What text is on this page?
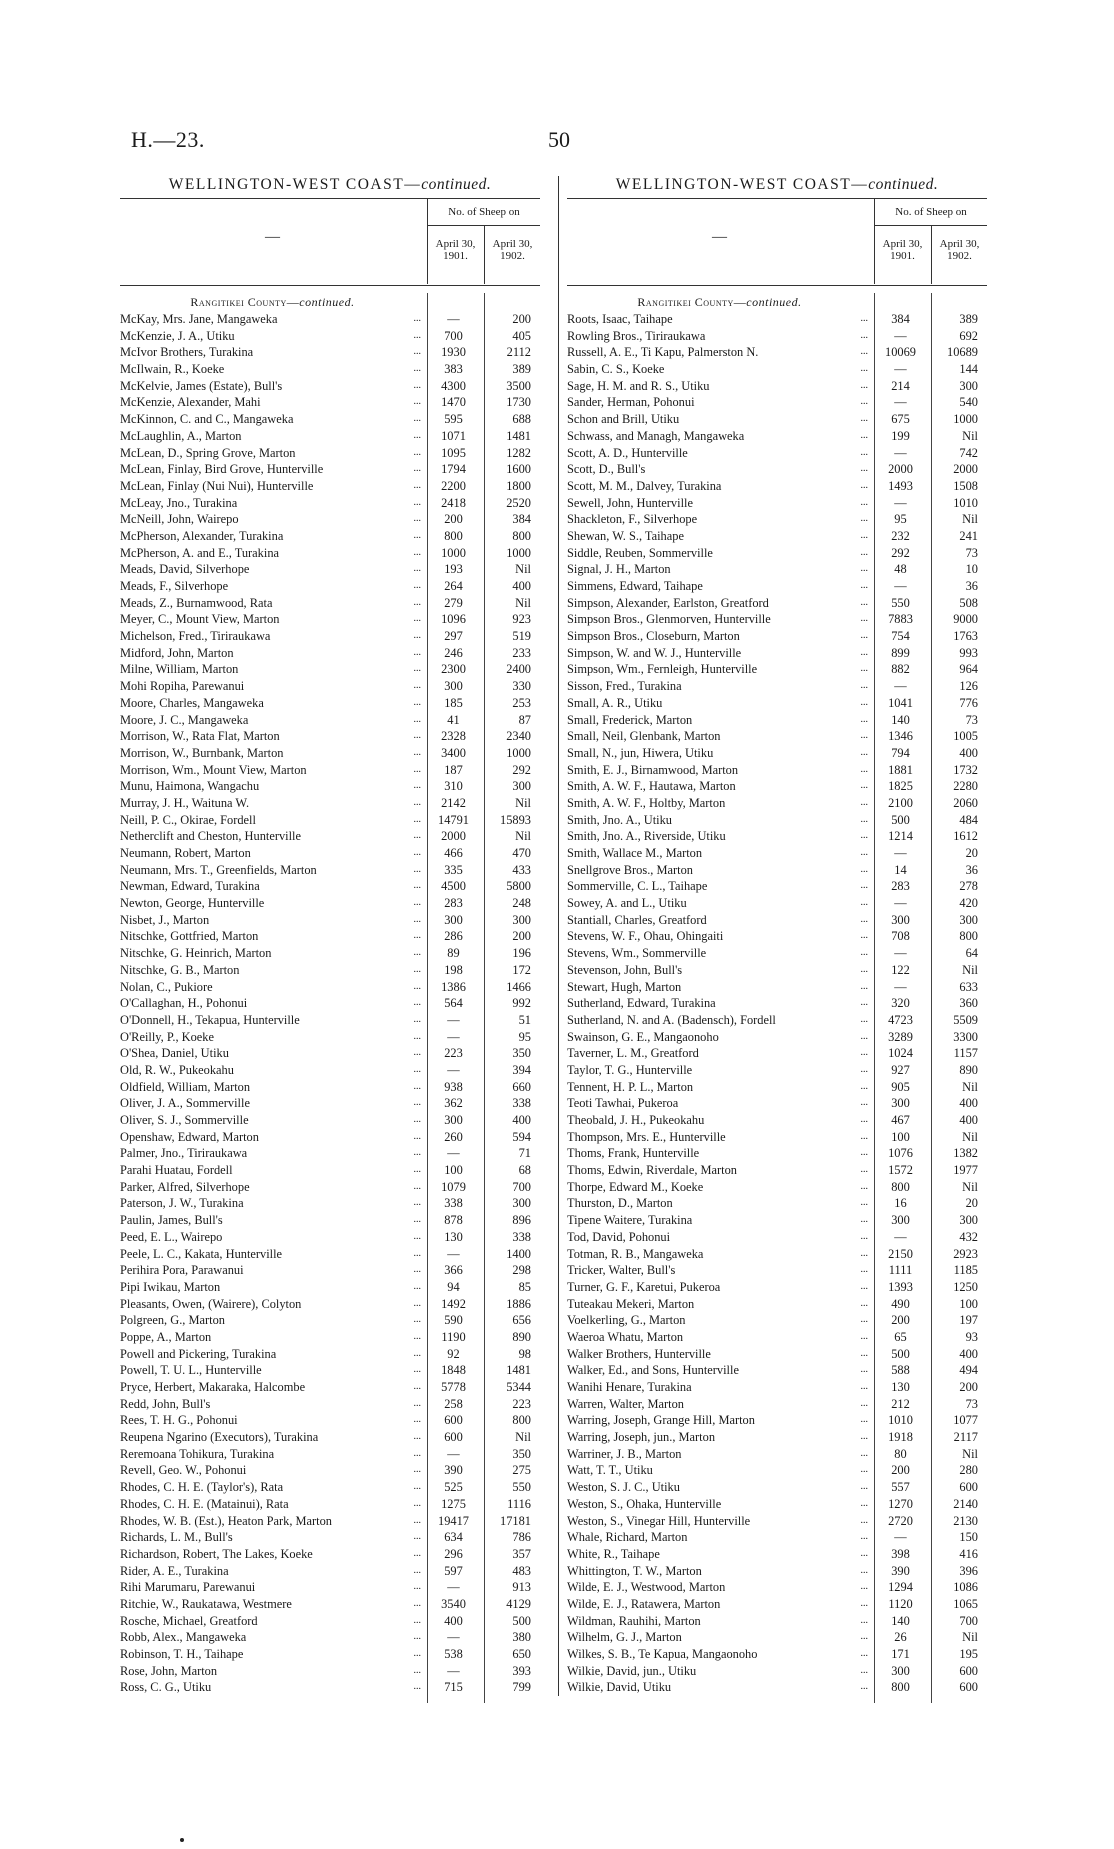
H.—23.	50
WELLINGTON-WEST COAST—continued.
—
No. of Sheep on
April 30,
1901.
April 30,
1902.
Rangitikei County—continued.
McKay, Mrs. Jane, Mangaweka	...	—	200
McKenzie, J. A., Utiku	...	700	405
McIvor Brothers, Turakina	...	1930	2112
McIlwain, R., Koeke	...	383	389
McKelvie, James (Estate), Bull's	...	4300	3500
McKenzie, Alexander, Mahi	...	1470	1730
McKinnon, C. and C., Mangaweka	...	595	688
McLaughlin, A., Marton	...	1071	1481
McLean, D., Spring Grove, Marton	...	1095	1282
McLean, Finlay, Bird Grove, Hunterville	...	1794	1600
McLean, Finlay (Nui Nui), Hunterville	...	2200	1800
McLeay, Jno., Turakina	...	2418	2520
McNeill, John, Wairepo	...	200	384
McPherson, Alexander, Turakina	...	800	800
McPherson, A. and E., Turakina	...	1000	1000
Meads, David, Silverhope	...	193	Nil
Meads, F., Silverhope	...	264	400
Meads, Z., Burnamwood, Rata	...	279	Nil
Meyer, C., Mount View, Marton	...	1096	923
Michelson, Fred., Tiriraukawa	...	297	519
Midford, John, Marton	...	246	233
Milne, William, Marton	...	2300	2400
Mohi Ropiha, Parewanui	...	300	330
Moore, Charles, Mangaweka	...	185	253
Moore, J. C., Mangaweka	...	41	87
Morrison, W., Rata Flat, Marton	...	2328	2340
Morrison, W., Burnbank, Marton	...	3400	1000
Morrison, Wm., Mount View, Marton	...	187	292
Munu, Haimona, Wangachu	...	310	300
Murray, J. H., Waituna W.	...	2142	Nil
Neill, P. C., Okirae, Fordell	...	14791	15893
Netherclift and Cheston, Hunterville	...	2000	Nil
Neumann, Robert, Marton	...	466	470
Neumann, Mrs. T., Greenfields, Marton	...	335	433
Newman, Edward, Turakina	...	4500	5800
Newton, George, Hunterville	...	283	248
Nisbet, J., Marton	...	300	300
Nitschke, Gottfried, Marton	...	286	200
Nitschke, G. Heinrich, Marton	...	89	196
Nitschke, G. B., Marton	...	198	172
Nolan, C., Pukiore	...	1386	1466
O'Callaghan, H., Pohonui	...	564	992
O'Donnell, H., Tekapua, Hunterville	...	—	51
O'Reilly, P., Koeke	...	—	95
O'Shea, Daniel, Utiku	...	223	350
Old, R. W., Pukeokahu	...	—	394
Oldfield, William, Marton	...	938	660
Oliver, J. A., Sommerville	...	362	338
Oliver, S. J., Sommerville	...	300	400
Openshaw, Edward, Marton	...	260	594
Palmer, Jno., Tiriraukawa	...	—	71
Parahi Huatau, Fordell	...	100	68
Parker, Alfred, Silverhope	...	1079	700
Paterson, J. W., Turakina	...	338	300
Paulin, James, Bull's	...	878	896
Peed, E. L., Wairepo	...	130	338
Peele, L. C., Kakata, Hunterville	...	—	1400
Perihira Pora, Parawanui	...	366	298
Pipi Iwikau, Marton	...	94	85
Pleasants, Owen, (Wairere), Colyton	...	1492	1886
Polgreen, G., Marton	...	590	656
Poppe, A., Marton	...	1190	890
Powell and Pickering, Turakina	...	92	98
Powell, T. U. L., Hunterville	...	1848	1481
Pryce, Herbert, Makaraka, Halcombe	...	5778	5344
Redd, John, Bull's	...	258	223
Rees, T. H. G., Pohonui	...	600	800
Reupena Ngarino (Executors), Turakina	...	600	Nil
Reremoana Tohikura, Turakina	...	—	350
Revell, Geo. W., Pohonui	...	390	275
Rhodes, C. H. E. (Taylor's), Rata	...	525	550
Rhodes, C. H. E. (Matainui), Rata	...	1275	1116
Rhodes, W. B. (Est.), Heaton Park, Marton	...	19417	17181
Richards, L. M., Bull's	...	634	786
Richardson, Robert, The Lakes, Koeke	...	296	357
Rider, A. E., Turakina	...	597	483
Rihi Marumaru, Parewanui	...	—	913
Ritchie, W., Raukatawa, Westmere	...	3540	4129
Rosche, Michael, Greatford	...	400	500
Robb, Alex., Mangaweka	...	—	380
Robinson, T. H., Taihape	...	538	650
Rose, John, Marton	...	—	393
Ross, C. G., Utiku	...	715	799
WELLINGTON-WEST COAST—continued.
—
No. of Sheep on
April 30,
1901.
April 30,
1902.
Rangitikei County—continued.
Roots, Isaac, Taihape	...	384	389
Rowling Bros., Tiriraukawa	...	—	692
Russell, A. E., Ti Kapu, Palmerston N.	...	10069	10689
Sabin, C. S., Koeke	...	—	144
Sage, H. M. and R. S., Utiku	...	214	300
Sander, Herman, Pohonui	...	—	540
Schon and Brill, Utiku	...	675	1000
Schwass, and Managh, Mangaweka	...	199	Nil
Scott, A. D., Hunterville	...	—	742
Scott, D., Bull's	...	2000	2000
Scott, M. M., Dalvey, Turakina	...	1493	1508
Sewell, John, Hunterville	...	—	1010
Shackleton, F., Silverhope	...	95	Nil
Shewan, W. S., Taihape	...	232	241
Siddle, Reuben, Sommerville	...	292	73
Signal, J. H., Marton	...	48	10
Simmens, Edward, Taihape	...	—	36
Simpson, Alexander, Earlston, Greatford	...	550	508
Simpson Bros., Glenmorven, Hunterville	...	7883	9000
Simpson Bros., Closeburn, Marton	...	754	1763
Simpson, W. and W. J., Hunterville	...	899	993
Simpson, Wm., Fernleigh, Hunterville	...	882	964
Sisson, Fred., Turakina	...	—	126
Small, A. R., Utiku	...	1041	776
Small, Frederick, Marton	...	140	73
Small, Neil, Glenbank, Marton	...	1346	1005
Small, N., jun, Hiwera, Utiku	...	794	400
Smith, E. J., Birnamwood, Marton	...	1881	1732
Smith, A. W. F., Hautawa, Marton	...	1825	2280
Smith, A. W. F., Holtby, Marton	...	2100	2060
Smith, Jno. A., Utiku	...	500	484
Smith, Jno. A., Riverside, Utiku	...	1214	1612
Smith, Wallace M., Marton	...	—	20
Snellgrove Bros., Marton	...	14	36
Sommerville, C. L., Taihape	...	283	278
Sowey, A. and L., Utiku	...	—	420
Stantiall, Charles, Greatford	...	300	300
Stevens, W. F., Ohau, Ohingaiti	...	708	800
Stevens, Wm., Sommerville	...	—	64
Stevenson, John, Bull's	...	122	Nil
Stewart, Hugh, Marton	...	—	633
Sutherland, Edward, Turakina	...	320	360
Sutherland, N. and A. (Badensch), Fordell	...	4723	5509
Swainson, G. E., Mangaonoho	...	3289	3300
Taverner, L. M., Greatford	...	1024	1157
Taylor, T. G., Hunterville	...	927	890
Tennent, H. P. L., Marton	...	905	Nil
Teoti Tawhai, Pukeroa	...	300	400
Theobald, J. H., Pukeokahu	...	467	400
Thompson, Mrs. E., Hunterville	...	100	Nil
Thoms, Frank, Hunterville	...	1076	1382
Thoms, Edwin, Riverdale, Marton	...	1572	1977
Thorpe, Edward M., Koeke	...	800	Nil
Thurston, D., Marton	...	16	20
Tipene Waitere, Turakina	...	300	300
Tod, David, Pohonui	...	—	432
Totman, R. B., Mangaweka	...	2150	2923
Tricker, Walter, Bull's	...	1111	1185
Turner, G. F., Karetui, Pukeroa	...	1393	1250
Tuteakau Mekeri, Marton	...	490	100
Voelkerling, G., Marton	...	200	197
Waeroa Whatu, Marton	...	65	93
Walker Brothers, Hunterville	...	500	400
Walker, Ed., and Sons, Hunterville	...	588	494
Wanihi Henare, Turakina	...	130	200
Warren, Walter, Marton	...	212	73
Warring, Joseph, Grange Hill, Marton	...	1010	1077
Warring, Joseph, jun., Marton	...	1918	2117
Warriner, J. B., Marton	...	80	Nil
Watt, T. T., Utiku	...	200	280
Weston, S. J. C., Utiku	...	557	600
Weston, S., Ohaka, Hunterville	...	1270	2140
Weston, S., Vinegar Hill, Hunterville	...	2720	2130
Whale, Richard, Marton	...	—	150
White, R., Taihape	...	398	416
Whittington, T. W., Marton	...	390	396
Wilde, E. J., Westwood, Marton	...	1294	1086
Wilde, E. J., Ratawera, Marton	...	1120	1065
Wildman, Rauhihi, Marton	...	140	700
Wilhelm, G. J., Marton	...	26	Nil
Wilkes, S. B., Te Kapua, Mangaonoho	...	171	195
Wilkie, David, jun., Utiku	...	300	600
Wilkie, David, Utiku	...	800	600
